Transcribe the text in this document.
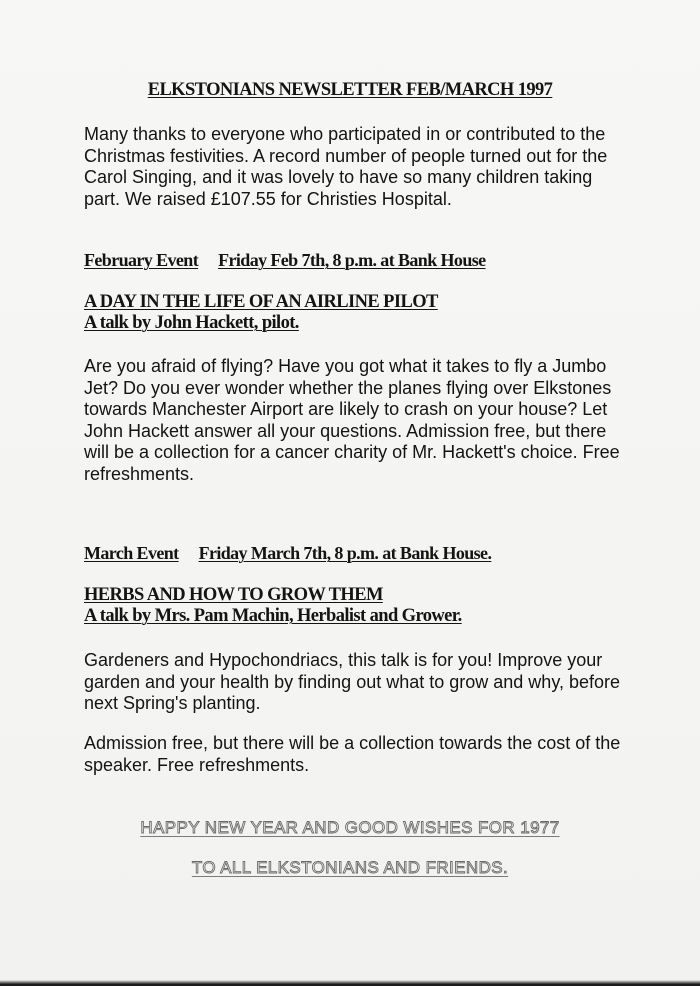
ELKSTONIANS NEWSLETTER FEB/MARCH 1997

Many thanks to everyone who participated in or contributed to the Christmas festivities. A record number of people turned out for the Carol Singing, and it was lovely to have so many children taking part. We raised £107.55 for Christies Hospital.

February Event Friday Feb 7th, 8 p.m. at Bank House
A DAY IN THE LIFE OF AN AIRLINE PILOT
A talk by John Hackett, pilot.

Are you afraid of flying? Have you got what it takes to fly a Jumbo Jet? Do you ever wonder whether the planes flying over Elkstones towards Manchester Airport are likely to crash on your house? Let John Hackett answer all your questions. Admission free, but there will be a collection for a cancer charity of Mr. Hackett's choice. Free refreshments.

March Event Friday March 7th, 8 p.m. at Bank House.
HERBS AND HOW TO GROW THEM
A talk by Mrs. Pam Machin, Herbalist and Grower.

Gardeners and Hypochondriacs, this talk is for you! Improve your garden and your health by finding out what to grow and why, before next Spring's planting.

Admission free, but there will be a collection towards the cost of the speaker. Free refreshments.

HAPPY NEW YEAR AND GOOD WISHES FOR 1977

TO ALL ELKSTONIANS AND FRIENDS.
